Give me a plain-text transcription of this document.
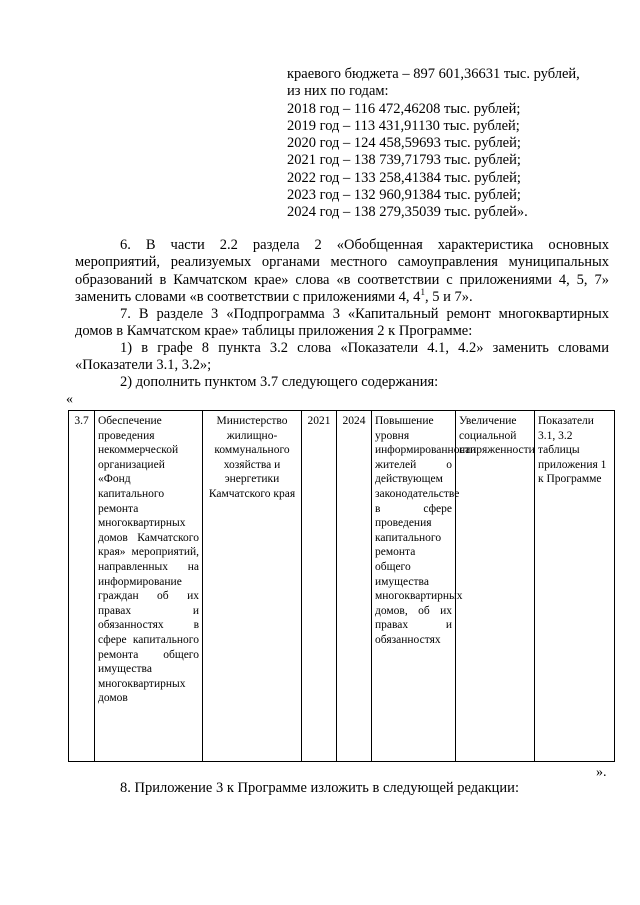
краевого бюджета – 897 601,36631 тыс. рублей,
из них по годам:
2018 год – 116 472,46208 тыс. рублей;
2019 год – 113 431,91130 тыс. рублей;
2020 год – 124 458,59693 тыс. рублей;
2021 год – 138 739,71793 тыс. рублей;
2022 год – 133 258,41384 тыс. рублей;
2023 год – 132 960,91384 тыс. рублей;
2024 год – 138 279,35039 тыс. рублей».
6. В части 2.2 раздела 2 «Обобщенная характеристика основных
мероприятий, реализуемых органами местного самоуправления муниципальных
образований в Камчатском крае» слова «в соответствии с приложениями 4, 5, 7»
заменить словами «в соответствии с приложениями 4, $4^1$, 5 и 7».
7. В разделе 3 «Подпрограмма 3 «Капитальный ремонт многоквартирных
домов в Камчатском крае» таблицы приложения 2 к Программе:
1) в графе 8 пункта 3.2 слова «Показатели 4.1, 4.2» заменить словами
«Показатели 3.1, 3.2»;
2) дополнить пунктом 3.7 следующего содержания:
«
3.7	Обеспечение проведения некоммерческой организацией «Фонд капитального ремонта многоквартирных домов Камчатского края» мероприятий, направленных на информирование граждан об их правах и обязанностях в сфере капитального ремонта общего имущества многоквартирных домов	Министерство жилищно-коммунального хозяйства и энергетики Камчатского края	2021	2024	Повышение уровня информированности жителей о действующем законодательстве в сфере проведения капитального ремонта общего имущества многоквартирных домов, об их правах и обязанностях	Увеличение социальной напряженности	Показатели 3.1, 3.2 таблицы приложения 1 к Программе
».
8. Приложение 3 к Программе изложить в следующей редакции:
